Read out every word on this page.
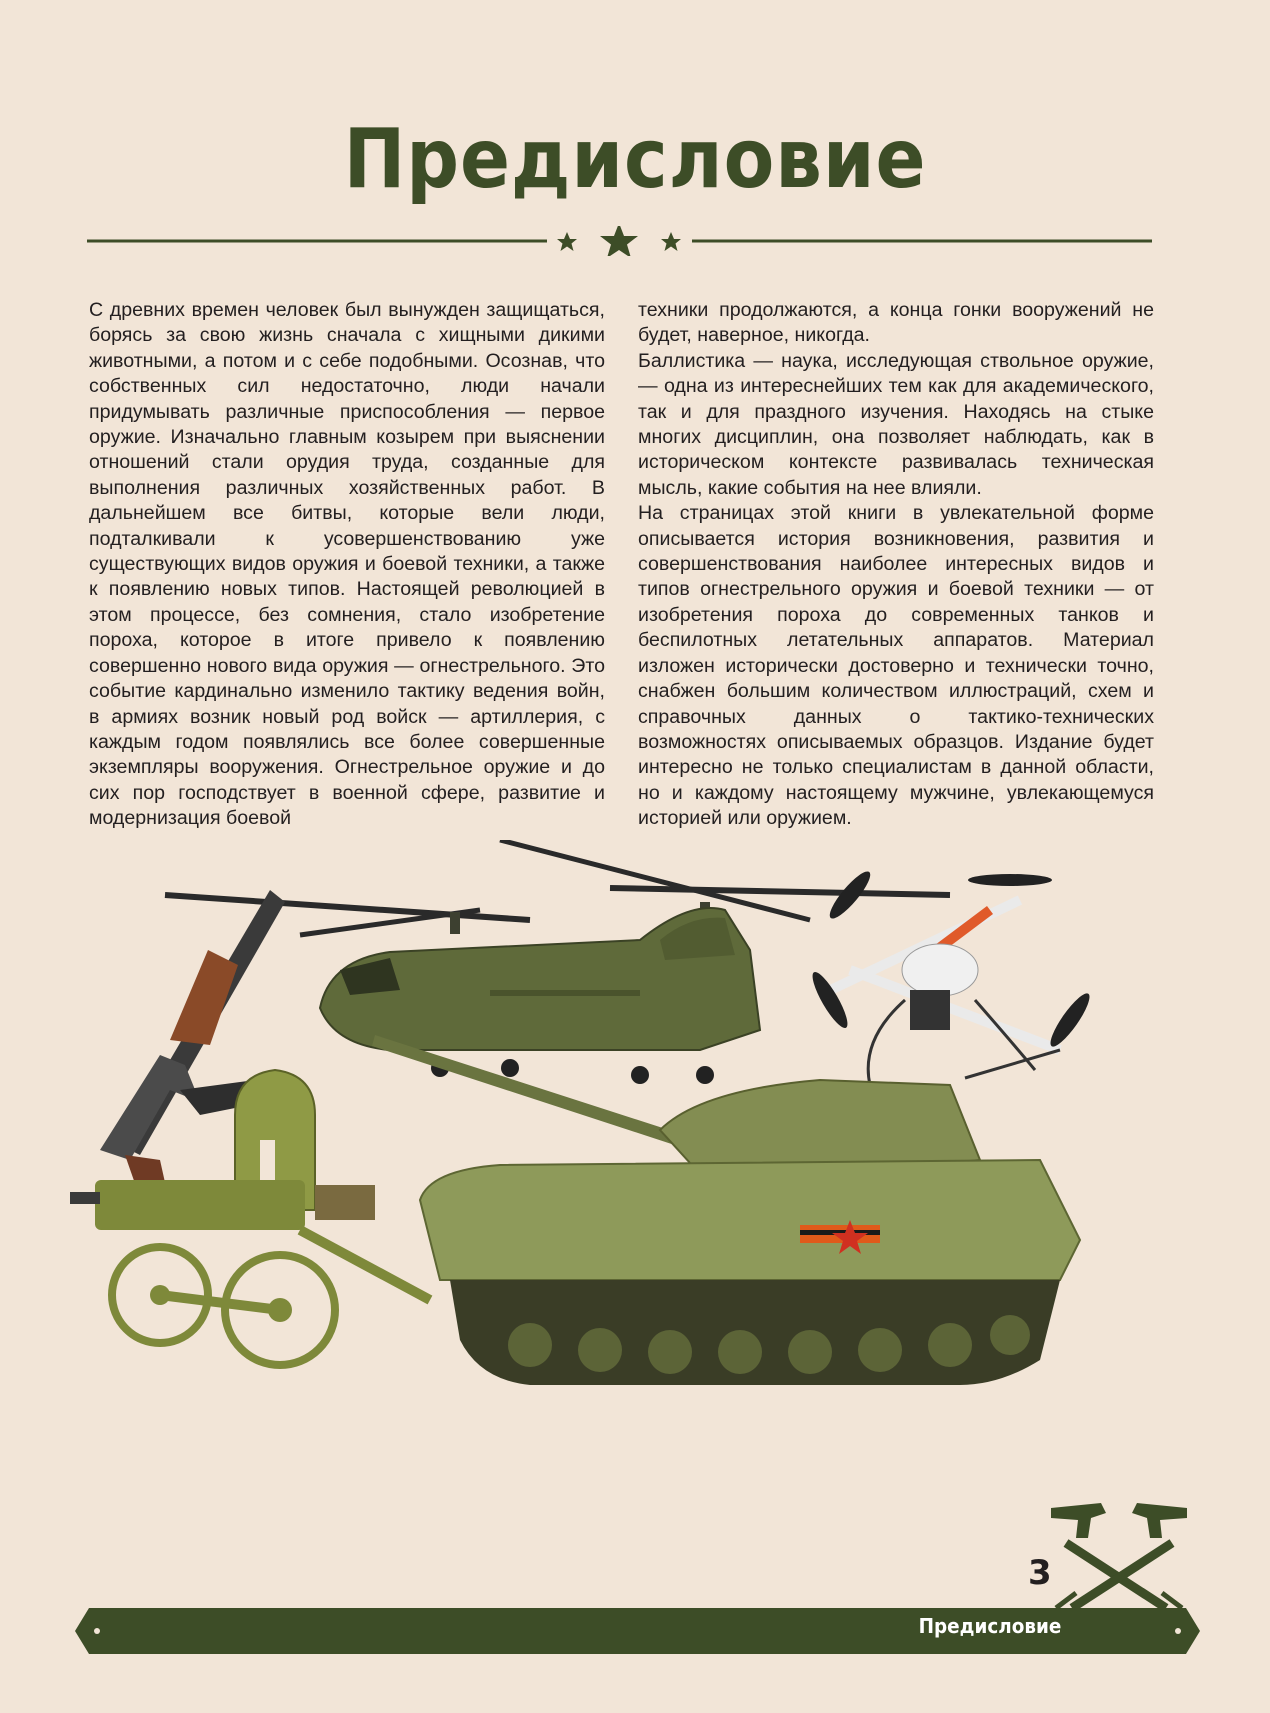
Предисловие

С древних времен человек был вынужден защищаться, борясь за свою жизнь сначала с хищными дикими животными, а потом и с себе подобными. Осознав, что собственных сил недостаточно, люди начали придумывать различные приспособления — первое оружие. Изначально главным козырем при выяснении отношений стали орудия труда, созданные для выполнения различных хозяйственных работ. В дальнейшем все битвы, которые вели люди, подталкивали к усовершенствованию уже существующих видов оружия и боевой техники, а также к появлению новых типов. Настоящей революцией в этом процессе, без сомнения, стало изобретение пороха, которое в итоге привело к появлению совершенно нового вида оружия — огнестрельного. Это событие кардинально изменило тактику ведения войн, в армиях возник новый род войск — артиллерия, с каждым годом появлялись все более совершенные экземпляры вооружения. Огнестрельное оружие и до сих пор господствует в военной сфере, развитие и модернизация боевой

техники продолжаются, а конца гонки вооружений не будет, наверное, никогда.

Баллистика — наука, исследующая ствольное оружие, — одна из интереснейших тем как для академического, так и для праздного изучения. Находясь на стыке многих дисциплин, она позволяет наблюдать, как в историческом контексте развивалась техническая мысль, какие события на нее влияли.

На страницах этой книги в увлекательной форме описывается история возникновения, развития и совершенствования наиболее интересных видов и типов огнестрельного оружия и боевой техники — от изобретения пороха до современных танков и беспилотных летательных аппаратов. Материал изложен исторически достоверно и технически точно, снабжен большим количеством иллюстраций, схем и справочных данных о тактико-технических возможностях описываемых образцов. Издание будет интересно не только специалистам в данной области, но и каждому настоящему мужчине, увлекающемуся историей или оружием.

3
Предисловие
